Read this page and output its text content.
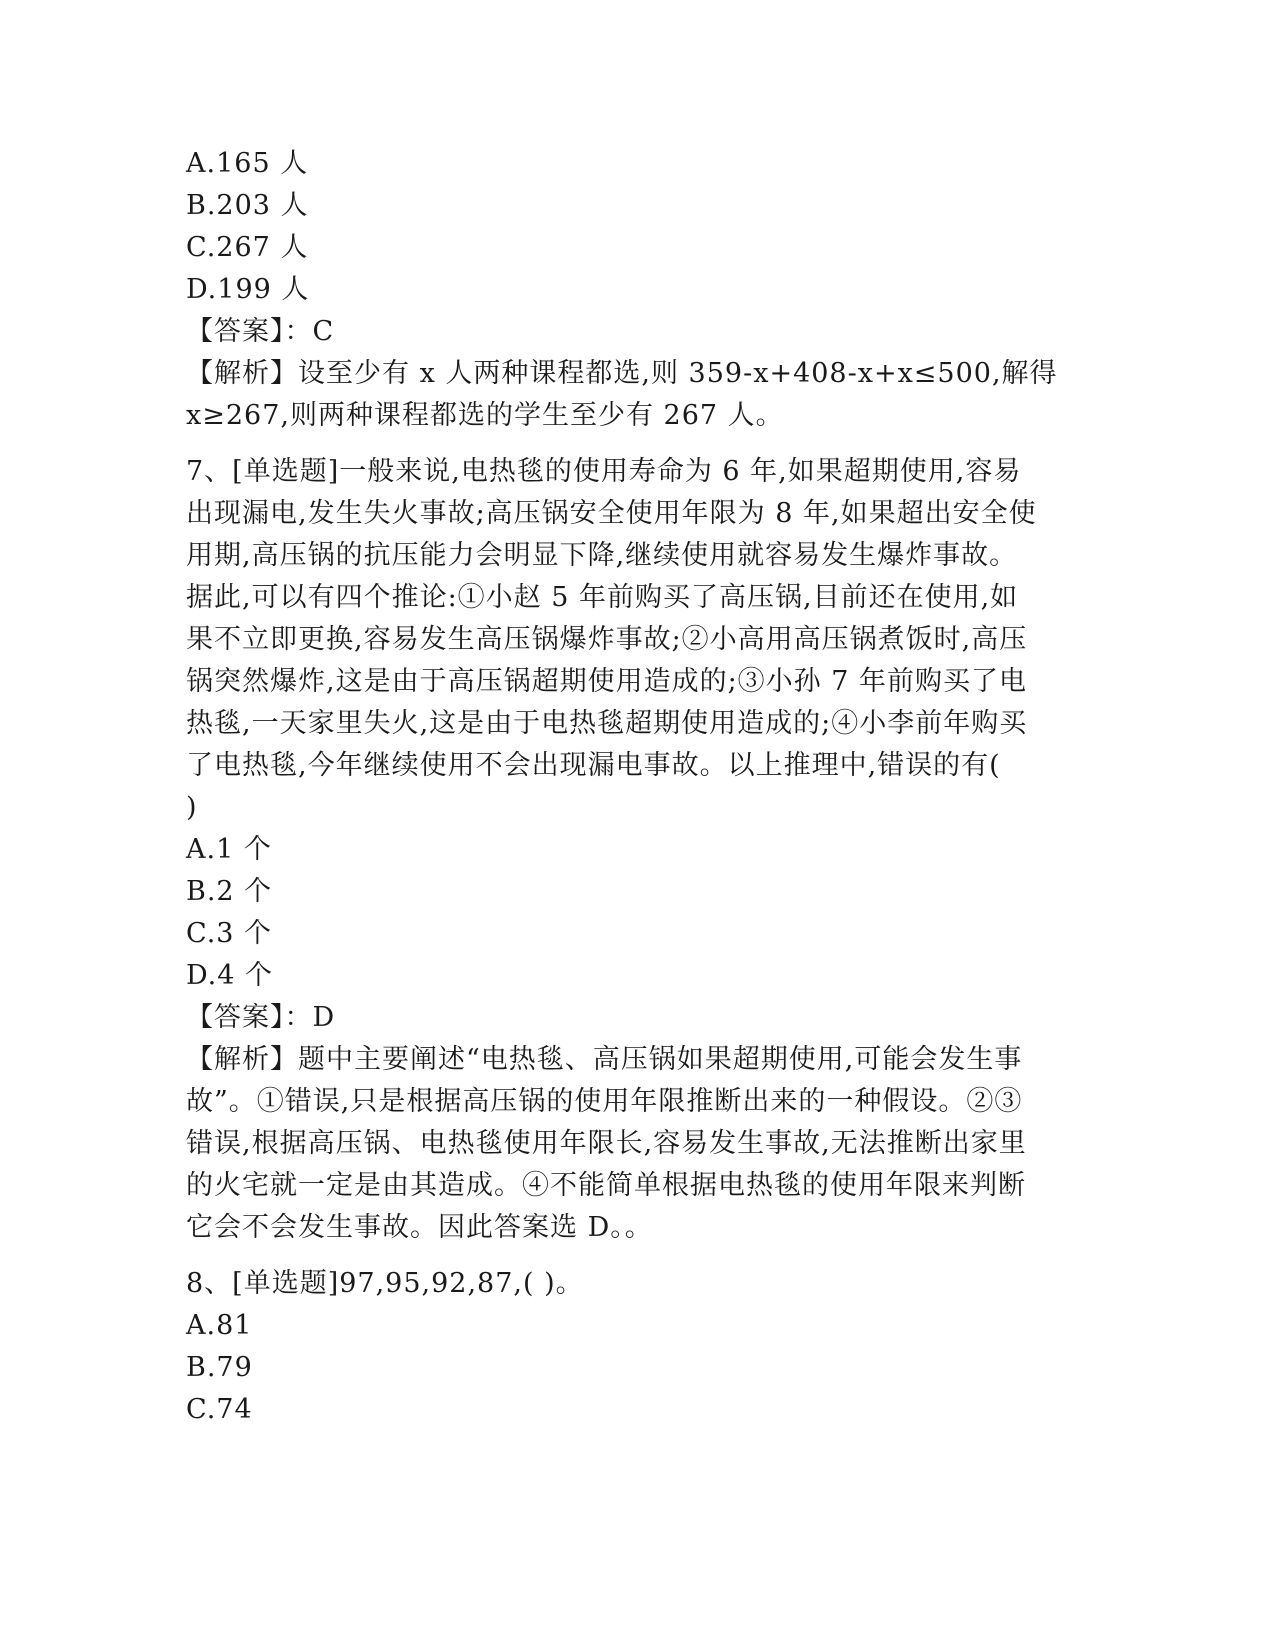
A.165 人
B.203 人
C.267 人
D.199 人
【答案】：C
【解析】设至少有 x 人两种课程都选,则 359-x+408-x+x≤500,解得
x≥267,则两种课程都选的学生至少有 267 人。
7、[单选题]一般来说,电热毯的使用寿命为 6 年,如果超期使用,容易
出现漏电,发生失火事故;高压锅安全使用年限为 8 年,如果超出安全使
用期,高压锅的抗压能力会明显下降,继续使用就容易发生爆炸事故。
据此,可以有四个推论:①小赵 5 年前购买了高压锅,目前还在使用,如
果不立即更换,容易发生高压锅爆炸事故;②小高用高压锅煮饭时,高压
锅突然爆炸,这是由于高压锅超期使用造成的;③小孙 7 年前购买了电
热毯,一天家里失火,这是由于电热毯超期使用造成的;④小李前年购买
了电热毯,今年继续使用不会出现漏电事故。以上推理中,错误的有(
)
A.1 个
B.2 个
C.3 个
D.4 个
【答案】：D
【解析】题中主要阐述“电热毯、高压锅如果超期使用,可能会发生事
故”。①错误,只是根据高压锅的使用年限推断出来的一种假设。②③
错误,根据高压锅、电热毯使用年限长,容易发生事故,无法推断出家里
的火宅就一定是由其造成。④不能简单根据电热毯的使用年限来判断
它会不会发生事故。因此答案选 D。。
8、[单选题]97,95,92,87,( )。
A.81
B.79
C.74
